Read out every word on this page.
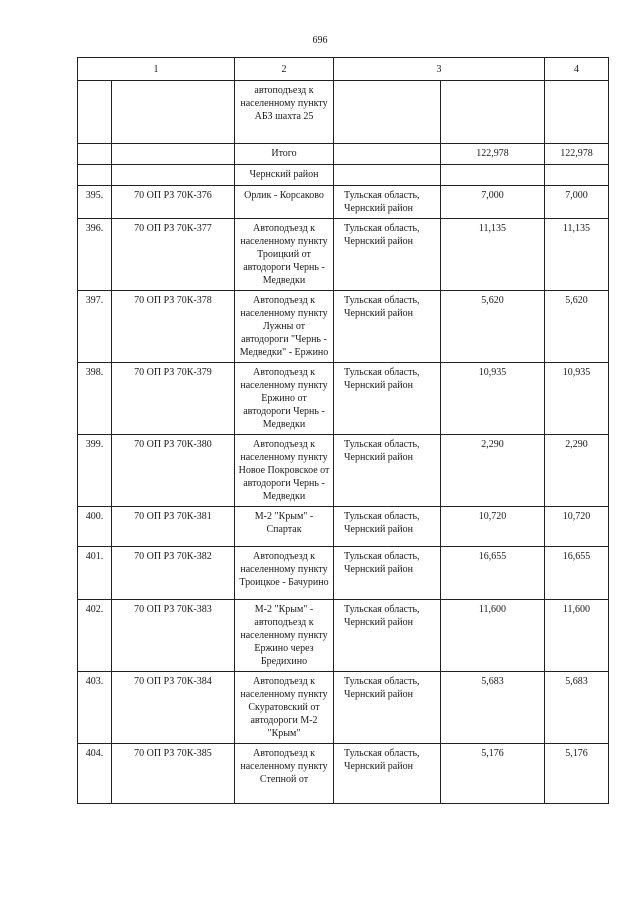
696
1		2	3		4
		автоподъезд к населенному пункту АБЗ шахта 25			
		Итого		122,978	122,978
		Чернский район			
395.	70 ОП РЗ 70К-376	Орлик - Корсаково	Тульская область, Чернский район	7,000	7,000
396.	70 ОП РЗ 70К-377	Автоподъезд к населенному пункту Троицкий от автодороги Чернь - Медведки	Тульская область, Чернский район	11,135	11,135
397.	70 ОП РЗ 70К-378	Автоподъезд к населенному пункту Лужны от автодороги "Чернь - Медведки" - Ержино	Тульская область, Чернский район	5,620	5,620
398.	70 ОП РЗ 70К-379	Автоподъезд к населенному пункту Ержино от автодороги Чернь - Медведки	Тульская область, Чернский район	10,935	10,935
399.	70 ОП РЗ 70К-380	Автоподъезд к населенному пункту Новое Покровское от автодороги Чернь - Медведки	Тульская область, Чернский район	2,290	2,290
400.	70 ОП РЗ 70К-381	М-2 "Крым" - Спартак	Тульская область, Чернский район	10,720	10,720
401.	70 ОП РЗ 70К-382	Автоподъезд к населенному пункту Троицкое - Бачурино	Тульская область, Чернский район	16,655	16,655
402.	70 ОП РЗ 70К-383	М-2 "Крым" - автоподъезд к населенному пункту Ержино через Бредихино	Тульская область, Чернский район	11,600	11,600
403.	70 ОП РЗ 70К-384	Автоподъезд к населенному пункту Скуратовский от автодороги М-2 "Крым"	Тульская область, Чернский район	5,683	5,683
404.	70 ОП РЗ 70К-385	Автоподъезд к населенному пункту Степной от	Тульская область, Чернский район	5,176	5,176
